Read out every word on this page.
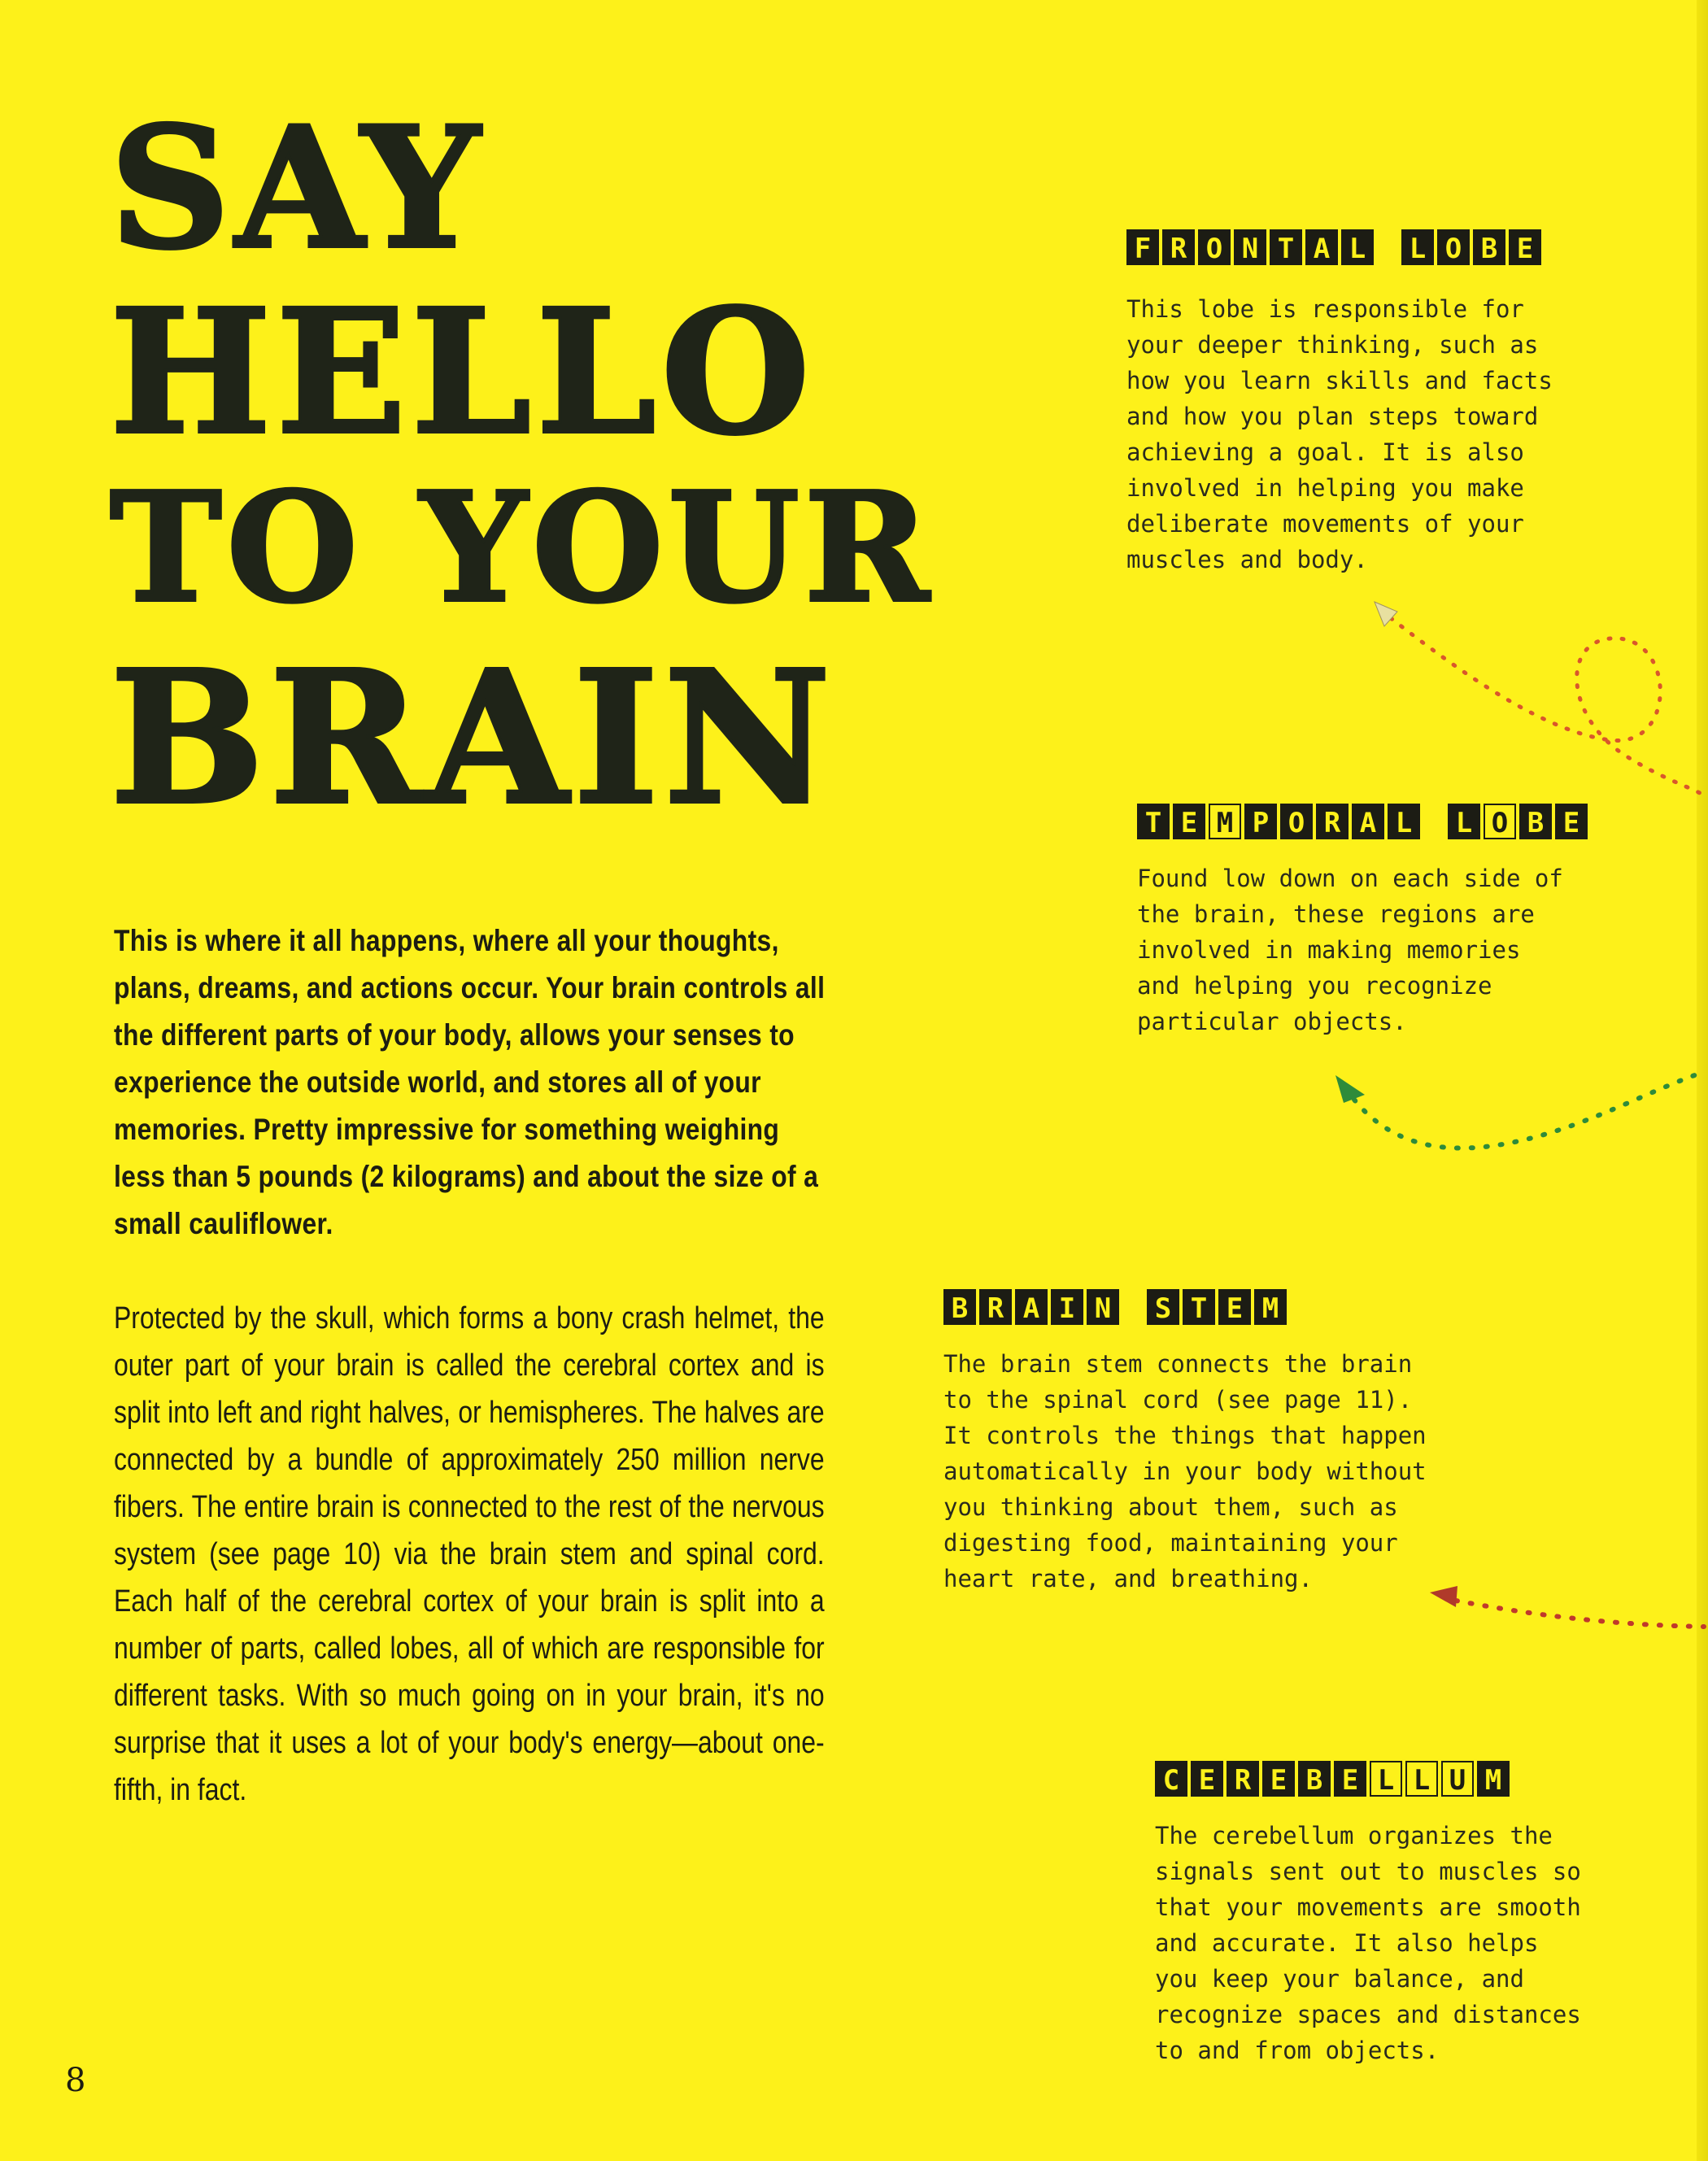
SAY
HELLO
TO YOUR
BRAIN

This is where it all happens, where all your thoughts, plans, dreams, and actions occur. Your brain controls all the different parts of your body, allows your senses to experience the outside world, and stores all of your memories. Pretty impressive for something weighing less than 5 pounds (2 kilograms) and about the size of a small cauliflower.

Protected by the skull, which forms a bony crash helmet, the outer part of your brain is called the cerebral cortex and is split into left and right halves, or hemispheres. The halves are connected by a bundle of approximately 250 million nerve fibers. The entire brain is connected to the rest of the nervous system (see page 10) via the brain stem and spinal cord. Each half of the cerebral cortex of your brain is split into a number of parts, called lobes, all of which are responsible for different tasks. With so much going on in your brain, it's no surprise that it uses a lot of your body's energy—about one-fifth, in fact.

F R O N T A L L O B E

This lobe is responsible for
your deeper thinking, such as
how you learn skills and facts
and how you plan steps toward
achieving a goal. It is also
involved in helping you make
deliberate movements of your
muscles and body.

T E M P O R A L L O B E

Found low down on each side of
the brain, these regions are
involved in making memories
and helping you recognize
particular objects.

B R A I N S T E M

The brain stem connects the brain
to the spinal cord (see page 11).
It controls the things that happen
automatically in your body without
you thinking about them, such as
digesting food, maintaining your
heart rate, and breathing.

C E R E B E L L U M

The cerebellum organizes the
signals sent out to muscles so
that your movements are smooth
and accurate. It also helps
you keep your balance, and
recognize spaces and distances
to and from objects.

8
